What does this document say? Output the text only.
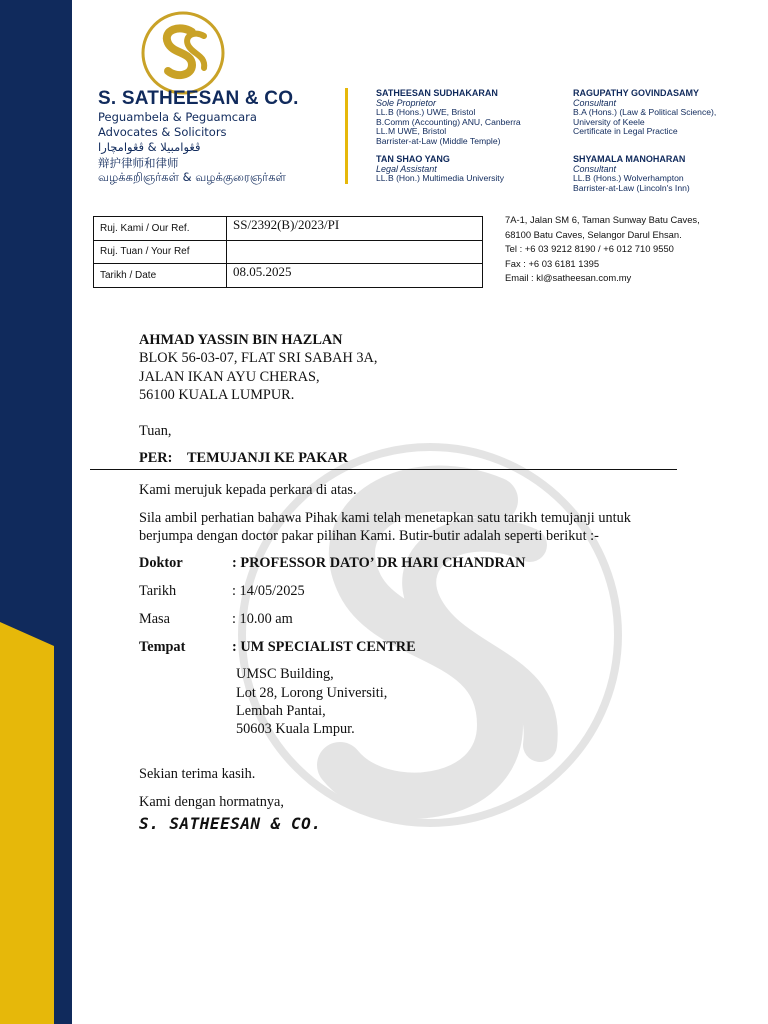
S. SATHEESAN & CO.
Peguambela & Peguamcara
Advocates & Solicitors
ڤڠوامبيلا & ڤڠوامچارا
辩护律师和律师
வழக்கறிஞர்கள் & வழக்குரைஞர்கள்
SATHEESAN SUDHAKARAN
Sole Proprietor
LL.B (Hons.) UWE, Bristol
B.Comm (Accounting) ANU, Canberra
LL.M UWE, Bristol
Barrister-at-Law (Middle Temple)
RAGUPATHY GOVINDASAMY
Consultant
B.A (Hons.) (Law & Political Science),
University of Keele
Certificate in Legal Practice
TAN SHAO YANG
Legal Assistant
LL.B (Hon.) Multimedia University
SHYAMALA MANOHARAN
Consultant
LL.B (Hons.) Wolverhampton
Barrister-at-Law (Lincoln's Inn)
Ruj. Kami / Our Ref.	SS/2392(B)/2023/PI
Ruj. Tuan / Your Ref	
Tarikh / Date	08.05.2025
7A-1, Jalan SM 6, Taman Sunway Batu Caves,
68100 Batu Caves, Selangor Darul Ehsan.
Tel : +6 03 9212 8190 / +6 012 710 9550
Fax : +6 03 6181 1395
Email : kl@satheesan.com.my
AHMAD YASSIN BIN HAZLAN
BLOK 56-03-07, FLAT SRI SABAH 3A,
JALAN IKAN AYU CHERAS,
56100 KUALA LUMPUR.
Tuan,
PER: TEMUJANJI KE PAKAR
Kami merujuk kepada perkara di atas.
Sila ambil perhatian bahawa Pihak kami telah menetapkan satu tarikh temujanji untuk
berjumpa dengan doctor pakar pilihan Kami. Butir-butir adalah seperti berikut :-
Doktor	: PROFESSOR DATO’ DR HARI CHANDRAN
Tarikh	: 14/05/2025
Masa	: 10.00 am
Tempat	: UM SPECIALIST CENTRE
UMSC Building,
Lot 28, Lorong Universiti,
Lembah Pantai,
50603 Kuala Lmpur.
Sekian terima kasih.
Kami dengan hormatnya,
S. SATHEESAN & CO.
